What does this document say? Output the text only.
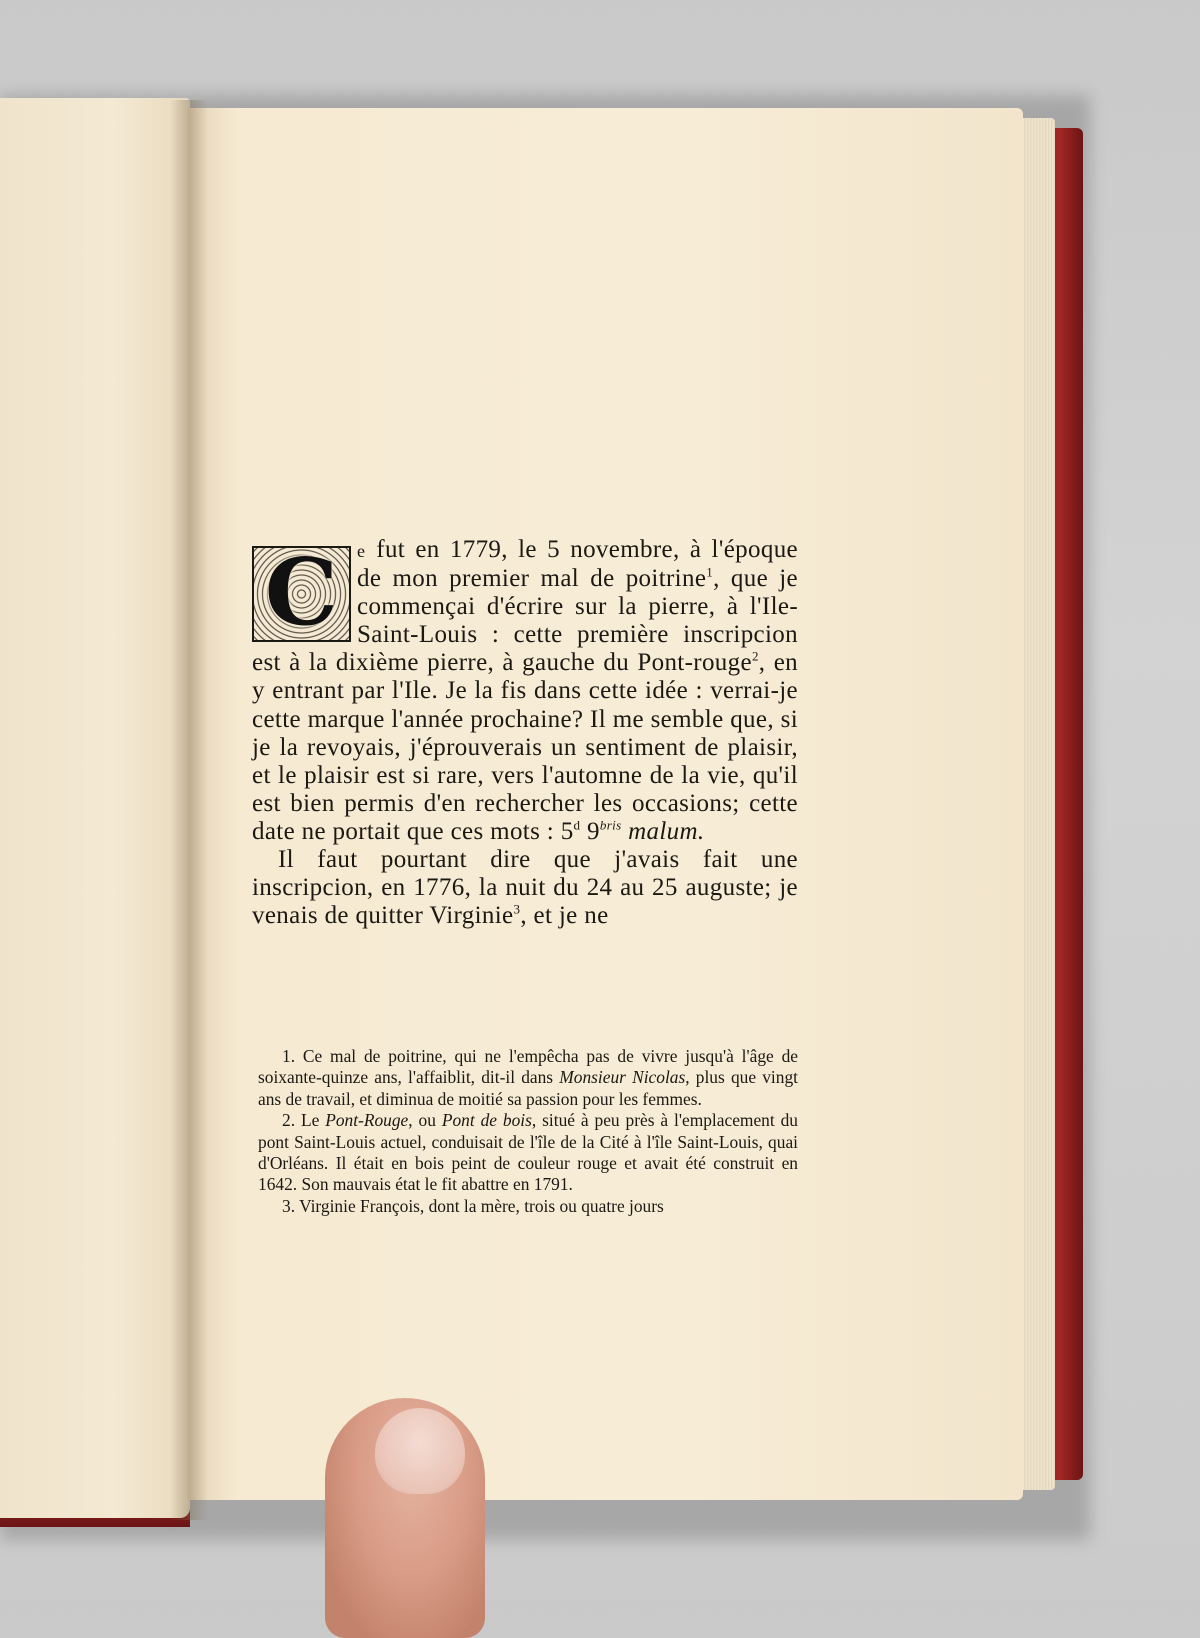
C	e fut en 1779, le 5 novembre, à l'époque de mon premier mal de poitrine$^1$, que je commençai d'écrire sur la pierre, à l'Ile-Saint-Louis : cette première inscripcion est à la dixième pierre, à gauche du Pont-rouge$^2$, en y entrant par l'Ile. Je la fis dans cette idée : verrai-je cette marque l'année prochaine? Il me semble que, si je la revoyais, j'éprouverais un sentiment de plaisir, et le plaisir est si rare, vers l'automne de la vie, qu'il est bien permis d'en rechercher les occasions; cette date ne portait que ces mots : 5$^d$ $9^{bris}$ malum.

Il faut pourtant dire que j'avais fait une inscripcion, en 1776, la nuit du 24 au 25 auguste; je venais de quitter Virginie$^3$, et je ne

1. Ce mal de poitrine, qui ne l'empêcha pas de vivre jusqu'à l'âge de soixante-quinze ans, l'affaiblit, dit-il dans Monsieur Nicolas, plus que vingt ans de travail, et diminua de moitié sa passion pour les femmes.

2. Le Pont-Rouge, ou Pont de bois, situé à peu près à l'emplacement du pont Saint-Louis actuel, conduisait de l'île de la Cité à l'île Saint-Louis, quai d'Orléans. Il était en bois peint de couleur rouge et avait été construit en 1642. Son mauvais état le fit abattre en 1791.

3. Virginie François, dont la mère, trois ou quatre jours
